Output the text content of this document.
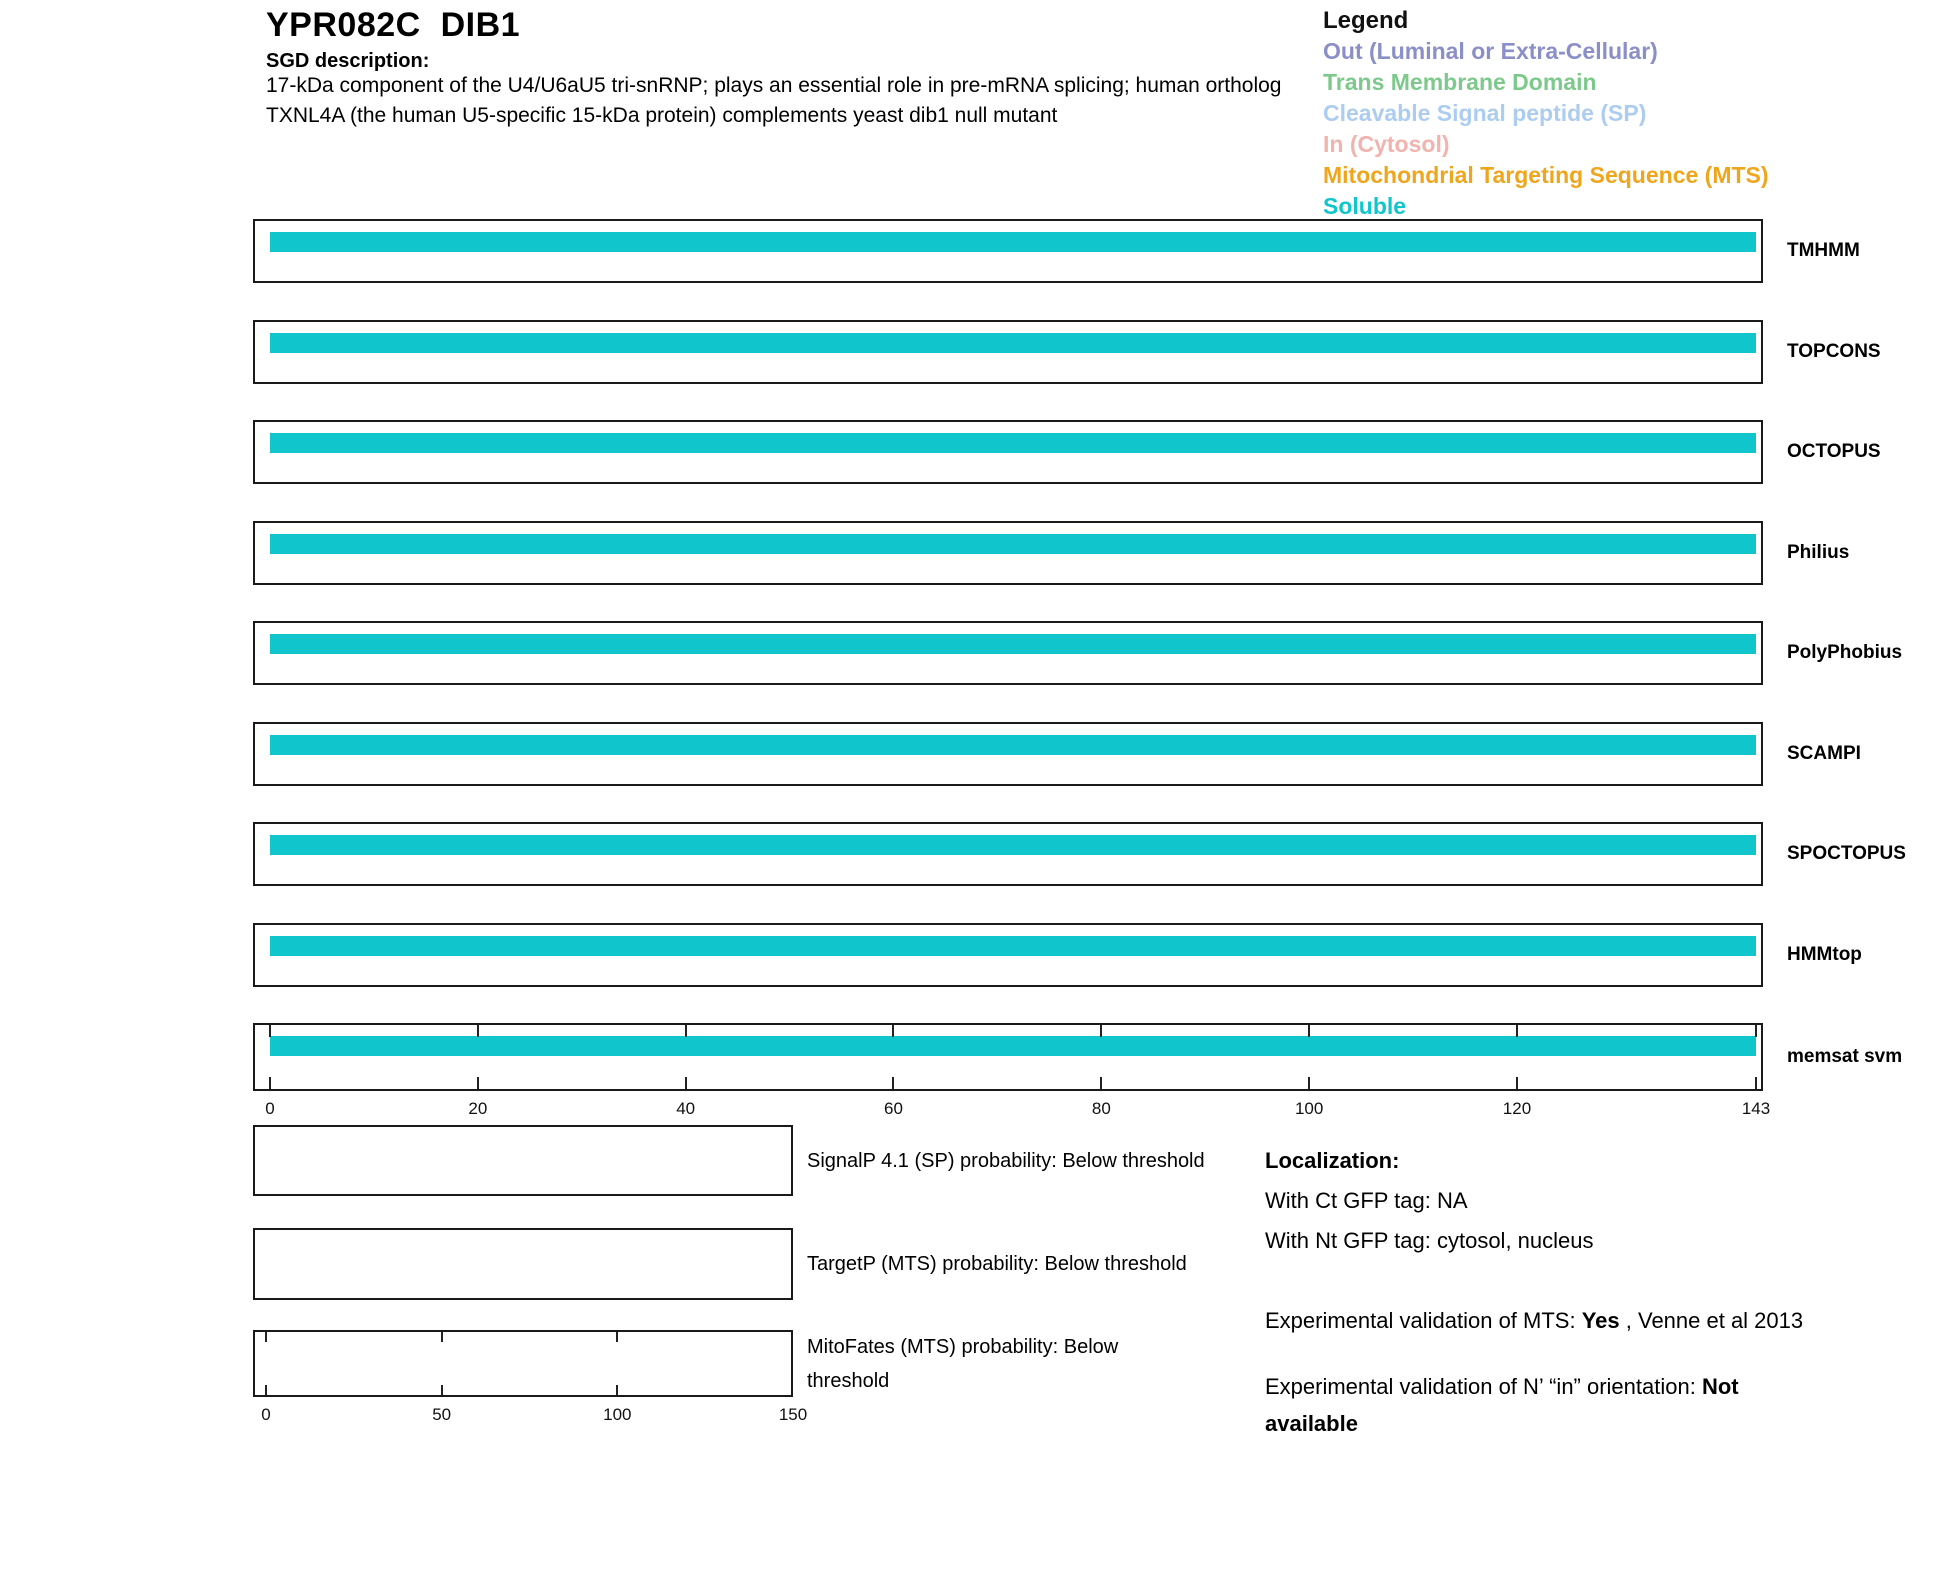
YPR082C  DIB1
SGD description:
17-kDa component of the U4/U6aU5 tri-snRNP; plays an essential role in pre-mRNA splicing; human ortholog
TXNL4A (the human U5-specific 15-kDa protein) complements yeast dib1 null mutant
Legend
Out (Luminal or Extra-Cellular)
Trans Membrane Domain
Cleavable Signal peptide (SP)
In (Cytosol)
Mitochondrial Targeting Sequence (MTS)
Soluble
TMHMM
TOPCONS
OCTOPUS
Philius
PolyPhobius
SCAMPI
SPOCTOPUS
HMMtop
memsat svm
0	20	40	60	80	100	120	143
SignalP 4.1 (SP) probability: Below threshold
TargetP (MTS) probability: Below threshold
0	50	100	150
MitoFates (MTS) probability: Below
threshold
Localization:
With Ct GFP tag: NA
With Nt GFP tag: cytosol, nucleus
Experimental validation of MTS: Yes , Venne et al 2013
Experimental validation of N’ “in” orientation: Not available
